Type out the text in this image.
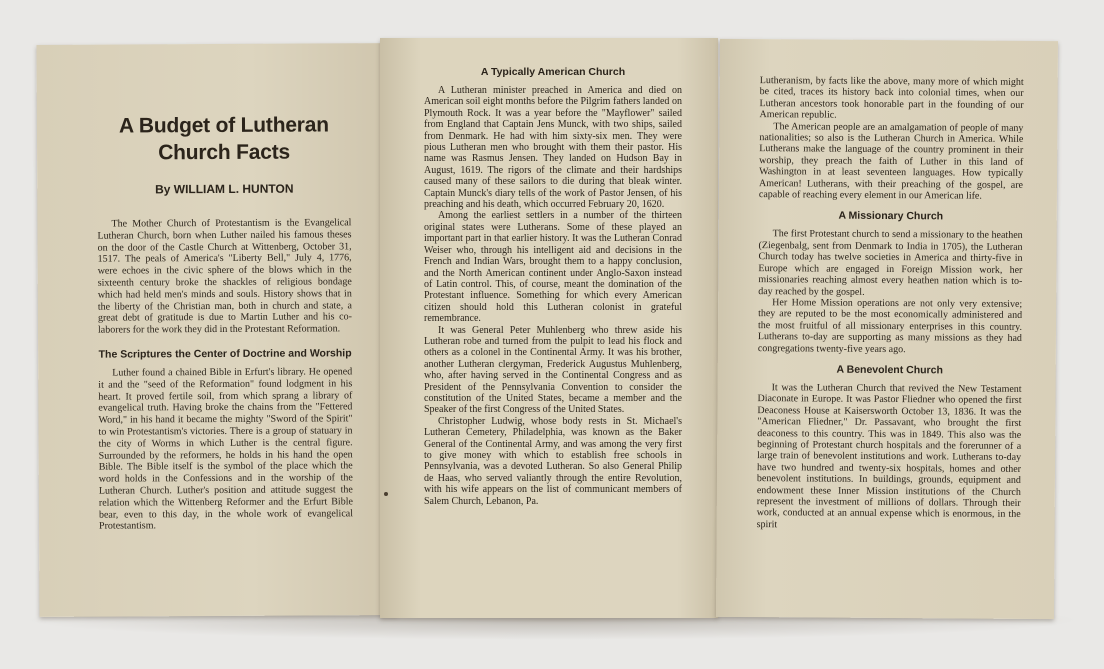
A Budget of Lutheran Church Facts
By WILLIAM L. HUNTON

The Mother Church of Protestantism is the Evangelical Lutheran Church, born when Luther nailed his famous theses on the door of the Castle Church at Wittenberg, October 31, 1517. The peals of America's "Liberty Bell," July 4, 1776, were echoes in the civic sphere of the blows which in the sixteenth century broke the shackles of religious bondage which had held men's minds and souls. History shows that in the liberty of the Christian man, both in church and state, a great debt of gratitude is due to Martin Luther and his co-laborers for the work they did in the Protestant Reformation.

The Scriptures the Center of Doctrine and Worship

Luther found a chained Bible in Erfurt's library. He opened it and the "seed of the Reformation" found lodgment in his heart. It proved fertile soil, from which sprang a library of evangelical truth. Having broke the chains from the "Fettered Word," in his hand it became the mighty "Sword of the Spirit" to win Protestantism's victories. There is a group of statuary in the city of Worms in which Luther is the central figure. Surrounded by the reformers, he holds in his hand the open Bible. The Bible itself is the symbol of the place which the word holds in the Confessions and in the worship of the Lutheran Church. Luther's position and attitude suggest the relation which the Wittenberg Reformer and the Erfurt Bible bear, even to this day, in the whole work of evangelical Protestantism.

A Typically American Church

A Lutheran minister preached in America and died on American soil eight months before the Pilgrim fathers landed on Plymouth Rock. It was a year before the "Mayflower" sailed from England that Captain Jens Munck, with two ships, sailed from Denmark. He had with him sixty-six men. They were pious Lutheran men who brought with them their pastor. His name was Rasmus Jensen. They landed on Hudson Bay in August, 1619. The rigors of the climate and their hardships caused many of these sailors to die during that bleak winter. Captain Munck's diary tells of the work of Pastor Jensen, of his preaching and his death, which occurred February 20, 1620.

Among the earliest settlers in a number of the thirteen original states were Lutherans. Some of these played an important part in that earlier history. It was the Lutheran Conrad Weiser who, through his intelligent aid and decisions in the French and Indian Wars, brought them to a happy conclusion, and the North American continent under Anglo-Saxon instead of Latin control. This, of course, meant the domination of the Protestant influence. Something for which every American citizen should hold this Lutheran colonist in grateful remembrance.

It was General Peter Muhlenberg who threw aside his Lutheran robe and turned from the pulpit to lead his flock and others as a colonel in the Continental Army. It was his brother, another Lutheran clergyman, Frederick Augustus Muhlenberg, who, after having served in the Continental Congress and as President of the Pennsylvania Convention to consider the constitution of the United States, became a member and the Speaker of the first Congress of the United States.

Christopher Ludwig, whose body rests in St. Michael's Lutheran Cemetery, Philadelphia, was known as the Baker General of the Continental Army, and was among the very first to give money with which to establish free schools in Pennsylvania, was a devoted Lutheran. So also General Philip de Haas, who served valiantly through the entire Revolution, with his wife appears on the list of communicant members of Salem Church, Lebanon, Pa.

Lutheranism, by facts like the above, many more of which might be cited, traces its history back into colonial times, when our Lutheran ancestors took honorable part in the founding of our American republic.

The American people are an amalgamation of people of many nationalities; so also is the Lutheran Church in America. While Lutherans make the language of the country prominent in their worship, they preach the faith of Luther in this land of Washington in at least seventeen languages. How typically American! Lutherans, with their preaching of the gospel, are capable of reaching every element in our American life.

A Missionary Church

The first Protestant church to send a missionary to the heathen (Ziegenbalg, sent from Denmark to India in 1705), the Lutheran Church today has twelve societies in America and thirty-five in Europe which are engaged in Foreign Mission work, her missionaries reaching almost every heathen nation which is to-day reached by the gospel.

Her Home Mission operations are not only very extensive; they are reputed to be the most economically administered and the most fruitful of all missionary enterprises in this country. Lutherans to-day are supporting as many missions as they had congregations twenty-five years ago.

A Benevolent Church

It was the Lutheran Church that revived the New Testament Diaconate in Europe. It was Pastor Fliedner who opened the first Deaconess House at Kaisersworth October 13, 1836. It was the "American Fliedner," Dr. Passavant, who brought the first deaconess to this country. This was in 1849. This also was the beginning of Protestant church hospitals and the forerunner of a large train of benevolent institutions and work. Lutherans to-day have two hundred and twenty-six hospitals, homes and other benevolent institutions. In buildings, grounds, equipment and endowment these Inner Mission institutions of the Church represent the investment of millions of dollars. Through their work, conducted at an annual expense which is enormous, in the spirit
